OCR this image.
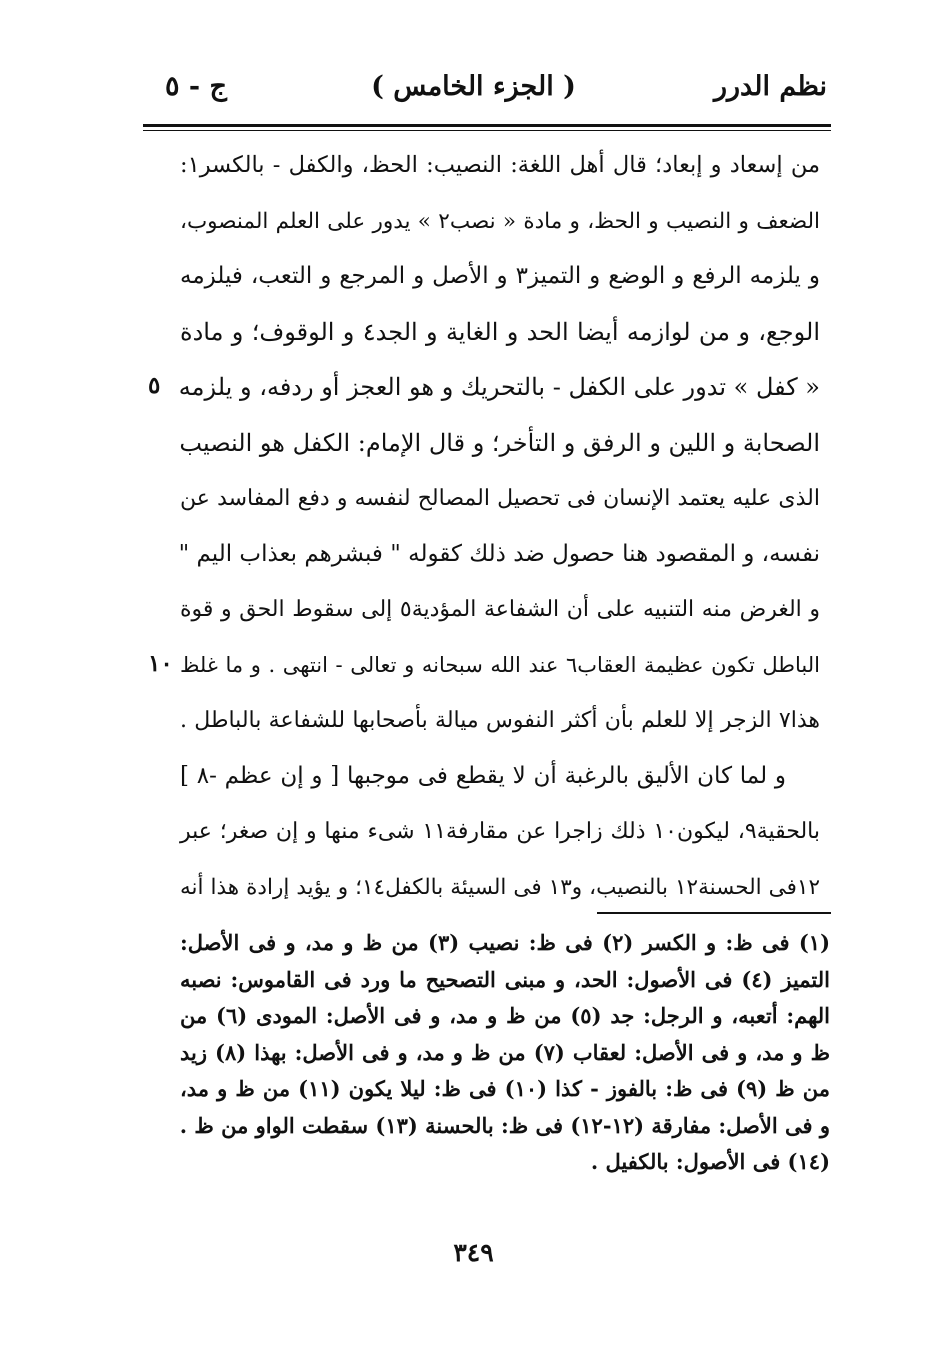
( الجزء الخامس )	نظم الدرر
ج - ٥
من إسعاد و إبعاد؛ قال أهل اللغة: النصيب: الحظ، والكفل - بالكسر١:
الضعف و النصيب و الحظ، و مادة « نصب٢ » يدور على العلم المنصوب،
و يلزمه الرفع و الوضع و التميز٣ و الأصل و المرجع و التعب، فيلزمه
الوجع، و من لوازمه أيضا الحد و الغاية و الجد٤ و الوقوف؛ و مادة
« كفل » تدور على الكفل - بالتحريك و هو العجز أو ردفه، و يلزمه
الصحابة و اللين و الرفق و التأخر؛ و قال الإمام: الكفل هو النصيب
الذى عليه يعتمد الإنسان فى تحصيل المصالح لنفسه و دفع المفاسد عن
نفسه، و المقصود هنا حصول ضد ذلك كقوله " فبشرهم بعذاب اليم "
و الغرض منه التنبيه على أن الشفاعة المؤدية٥ إلى سقوط الحق و قوة
الباطل تكون عظيمة العقاب٦ عند الله سبحانه و تعالى - انتهى . و ما غلظ
هذا٧ الزجر إلا للعلم بأن أكثر النفوس ميالة بأصحابها للشفاعة بالباطل .
و لما كان الأليق بالرغبة أن لا يقطع فى موجبها [ و إن عظم -٨ ]
بالحقية٩، ليكون١٠ ذلك زاجرا عن مقارفة١١ شىء منها و إن صغر؛ عبر
١٢فى الحسنة١٢ بالنصيب، و١٣ فى السيئة بالكفل١٤؛ و يؤيد إرادة هذا أنه
٥
١٠
(١) فى ظ: و الكسر (٢) فى ظ: نصيب (٣) من ظ و مد، و فى الأصل:
التميز (٤) فى الأصول: الحد، و مبنى التصحيح ما ورد فى القاموس: نصبه
الهم: أتعبه، و الرجل: جد (٥) من ظ و مد، و فى الأصل: المودى (٦) من
ظ و مد، و فى الأصل: لعقاب (٧) من ظ و مد، و فى الأصل: بهذا (٨) زيد
من ظ (٩) فى ظ: بالفوز - كذا (١٠) فى ظ: ليلا يكون (١١) من ظ و مد،
و فى الأصل: مفارقة (١٢-١٢) فى ظ: بالحسنة (١٣) سقطت الواو من ظ .
(١٤) فى الأصول: بالكفيل .
٣٤٩
